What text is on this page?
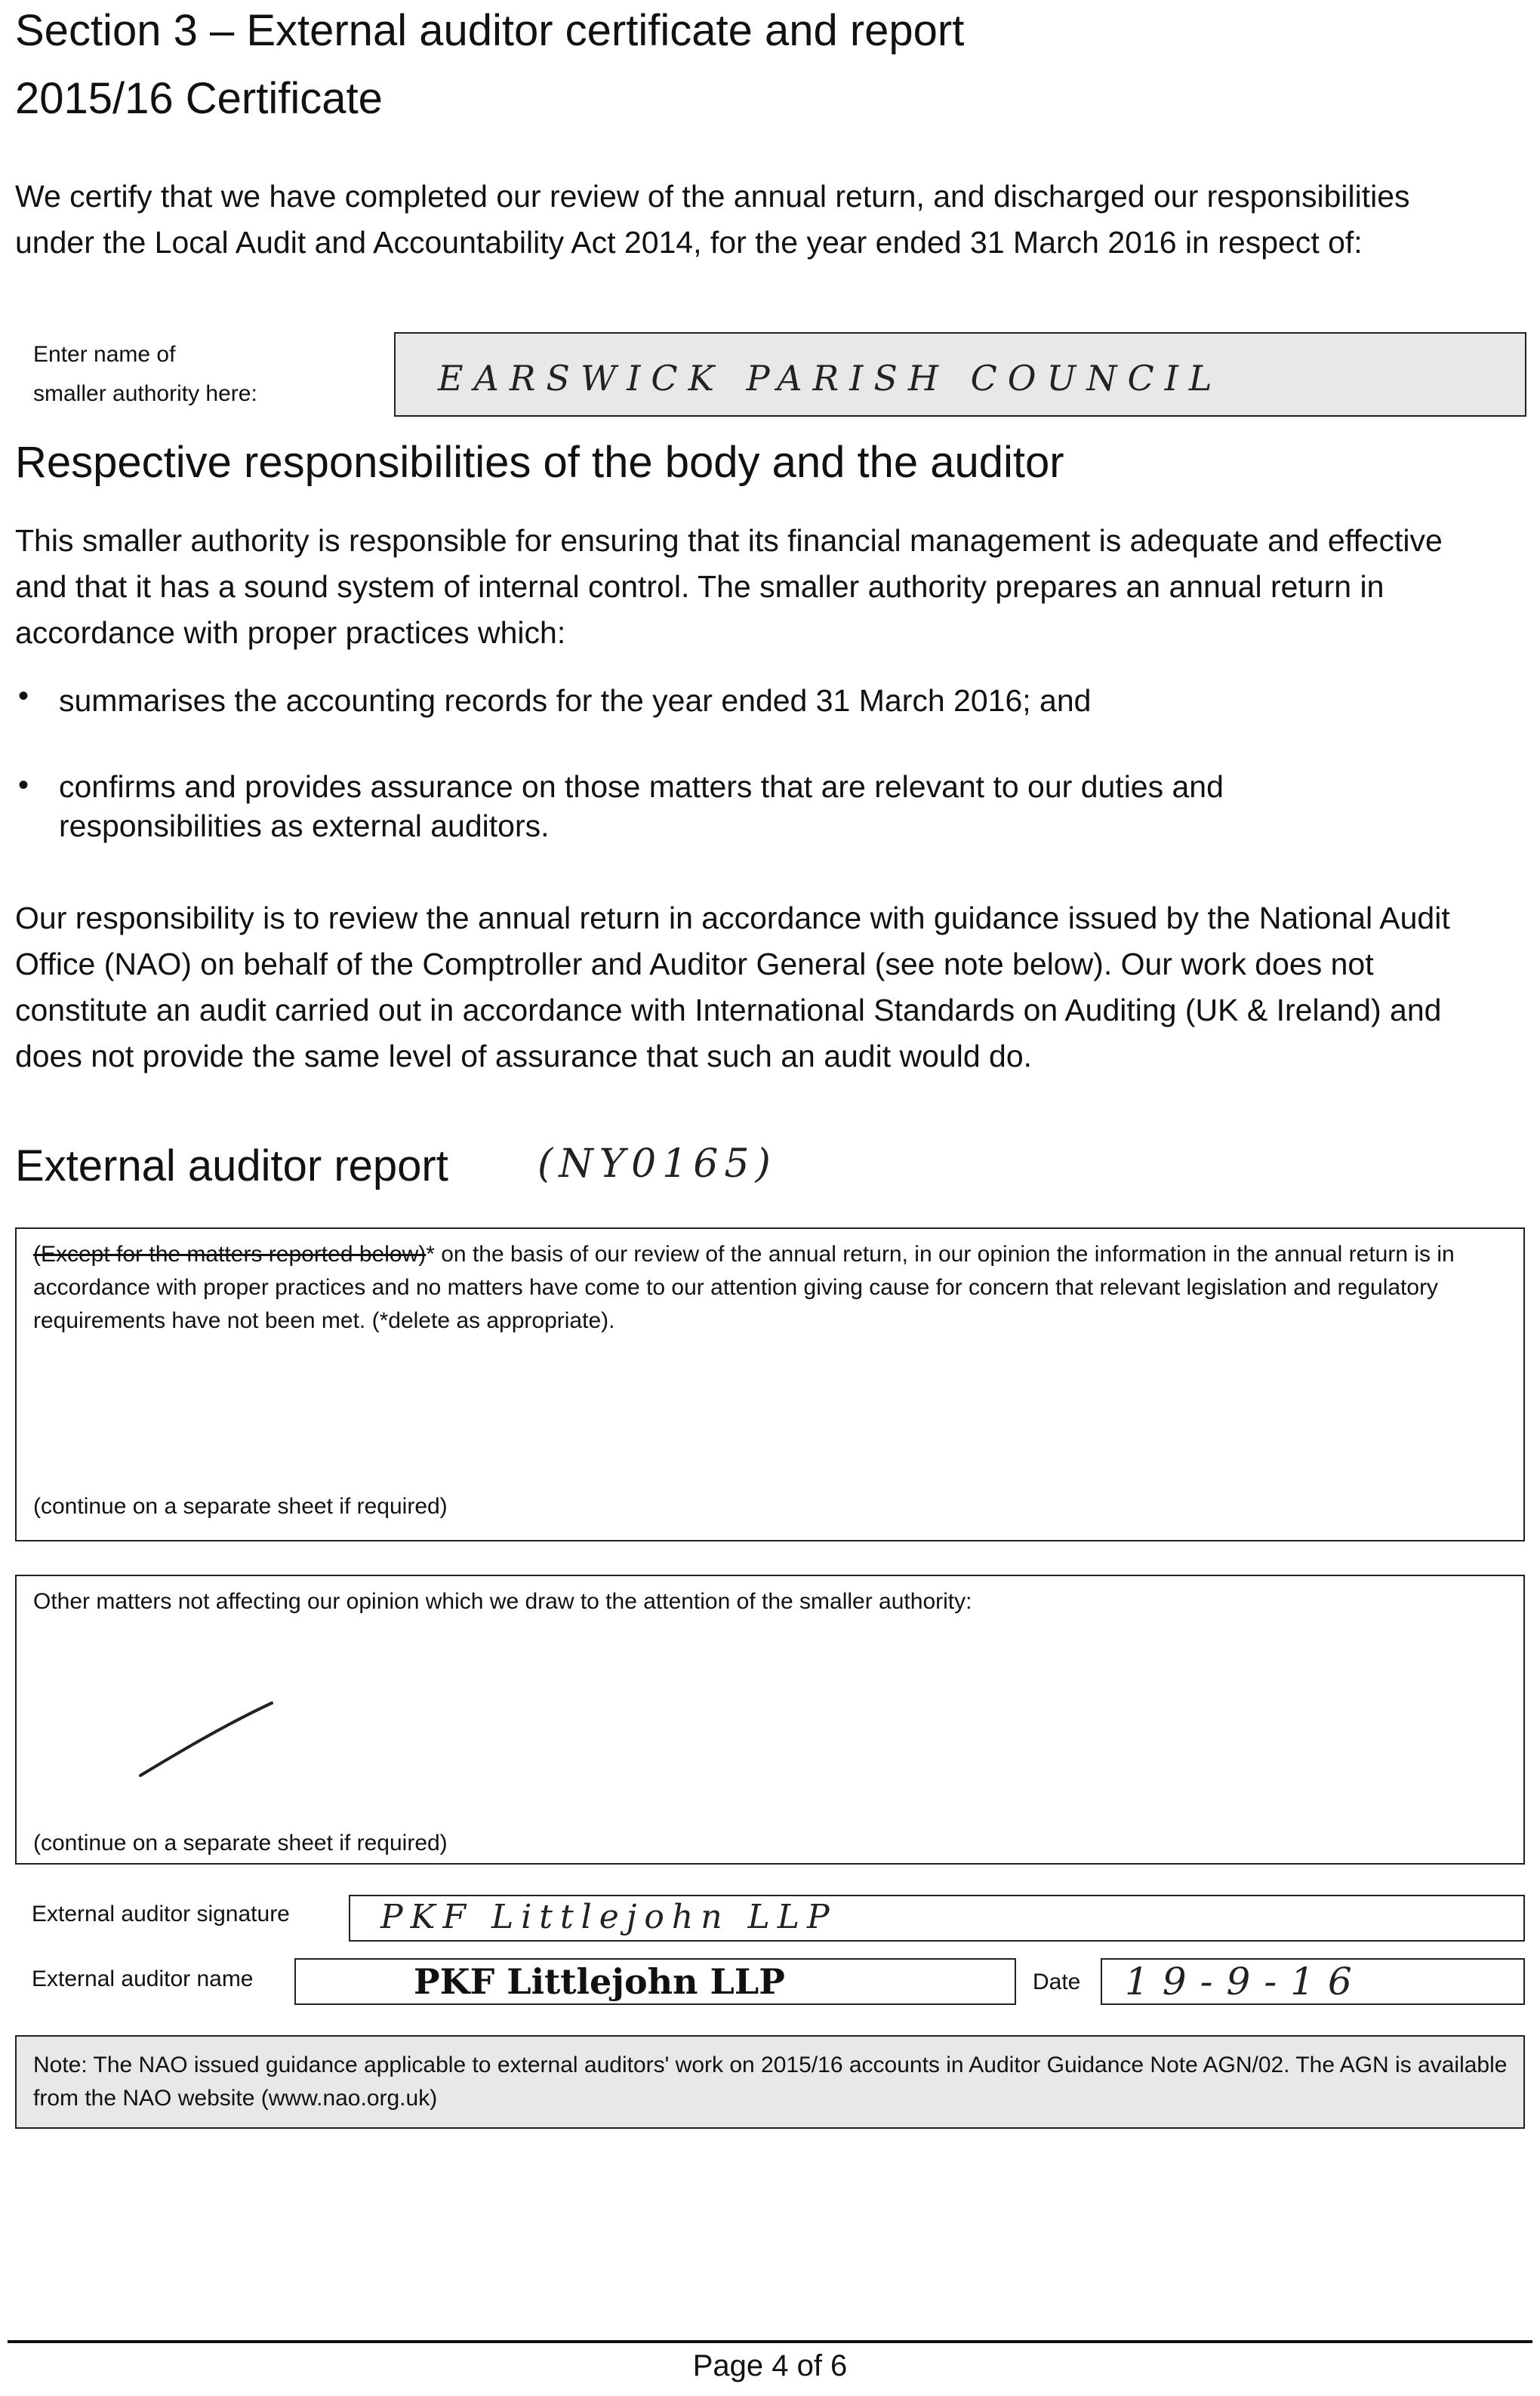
Section 3 – External auditor certificate and report
2015/16 Certificate
We certify that we have completed our review of the annual return, and discharged our responsibilities under the Local Audit and Accountability Act 2014, for the year ended 31 March 2016 in respect of:
Enter name of
smaller authority here:	EARSWICK PARISH COUNCIL
Respective responsibilities of the body and the auditor
This smaller authority is responsible for ensuring that its financial management is adequate and effective and that it has a sound system of internal control. The smaller authority prepares an annual return in accordance with proper practices which:
• summarises the accounting records for the year ended 31 March 2016; and
• confirms and provides assurance on those matters that are relevant to our duties and responsibilities as external auditors.
Our responsibility is to review the annual return in accordance with guidance issued by the National Audit Office (NAO) on behalf of the Comptroller and Auditor General (see note below). Our work does not constitute an audit carried out in accordance with International Standards on Auditing (UK & Ireland) and does not provide the same level of assurance that such an audit would do.
External auditor report (NY0165)
(Except for the matters reported below)* on the basis of our review of the annual return, in our opinion the information in the annual return is in accordance with proper practices and no matters have come to our attention giving cause for concern that relevant legislation and regulatory requirements have not been met. (*delete as appropriate).
(continue on a separate sheet if required)
Other matters not affecting our opinion which we draw to the attention of the smaller authority:
(continue on a separate sheet if required)
External auditor signature	PKF Littlejohn LLP
External auditor name	PKF Littlejohn LLP	Date 19-9-16
Note: The NAO issued guidance applicable to external auditors' work on 2015/16 accounts in Auditor Guidance Note AGN/02. The AGN is available from the NAO website (www.nao.org.uk)
Page 4 of 6
